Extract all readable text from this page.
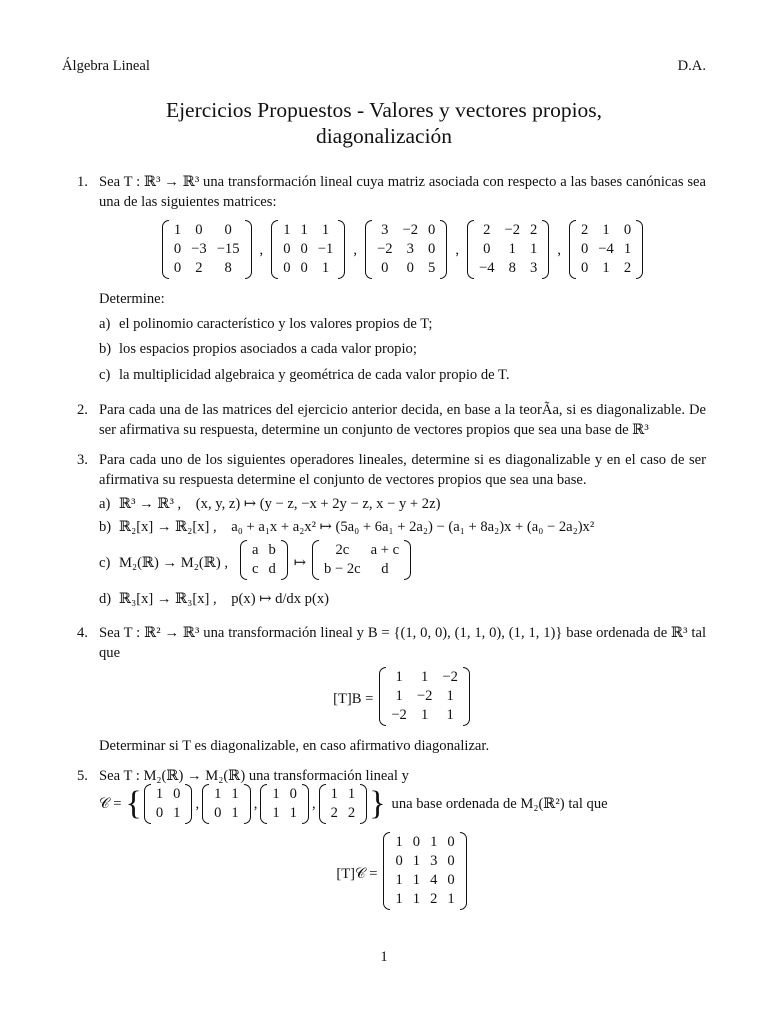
Álgebra Lineal	D.A.
Ejercicios Propuestos - Valores y vectores propios,
diagonalización
1. Sea T : ℝ³ → ℝ³ una transformación lineal cuya matriz asociada con respecto a las bases canónicas sea una de las siguientes matrices:
1	0	0
0	−3	−15
0	2	8
,
1	1	1
0	0	−1
0	0	1
,
3	−2	0
−2	3	0
0	0	5
,
2	−2	2
0	1	1
−4	8	3
,
2	1	0
0	−4	1
0	1	2
Determine:
a) el polinomio característico y los valores propios de T;
b) los espacios propios asociados a cada valor propio;
c) la multiplicidad algebraica y geométrica de cada valor propio de T.
2. Para cada una de las matrices del ejercicio anterior decida, en base a la teorÃa, si es diagonalizable. De ser afirmativa su respuesta, determine un conjunto de vectores propios que sea una base de ℝ³
3. Para cada uno de los siguientes operadores lineales, determine si es diagonalizable y en el caso de ser afirmativa su respuesta determine el conjunto de vectores propios que sea una base.
a) ℝ³ → ℝ³ ,    (x, y, z) ↦ (y − z, −x + 2y − z, x − y + 2z)
b) ℝ₂[x] → ℝ₂[x] ,    a₀ + a₁x + a₂x² ↦ (5a₀ + 6a₁ + 2a₂) − (a₁ + 8a₂)x + (a₀ − 2a₂)x²
c) M₂(ℝ) → M₂(ℝ) ,
a	b
c	d ↦
2c	a + c
b − 2c	d
d) ℝ₃[x] → ℝ₃[x] ,    p(x) ↦ d/dx p(x)
4. Sea T : ℝ² → ℝ³ una transformación lineal y B = {(1, 0, 0), (1, 1, 0), (1, 1, 1)} base ordenada de ℝ³ tal que
[T]B =
1	1	−2
1	−2	1
−2	1	1
Determinar si T es diagonalizable, en caso afirmativo diagonalizar.
5. Sea T : M₂(ℝ) → M₂(ℝ) una transformación lineal y
𝒞 = { 1	0
0	1
,
1	1
0	1
,
1	0
1	1
,
1	1
2	2 } una base ordenada de M₂(ℝ²) tal que
[T]𝒞 =
1	0	1	0
0	1	3	0
1	1	4	0
1	1	2	1
1
